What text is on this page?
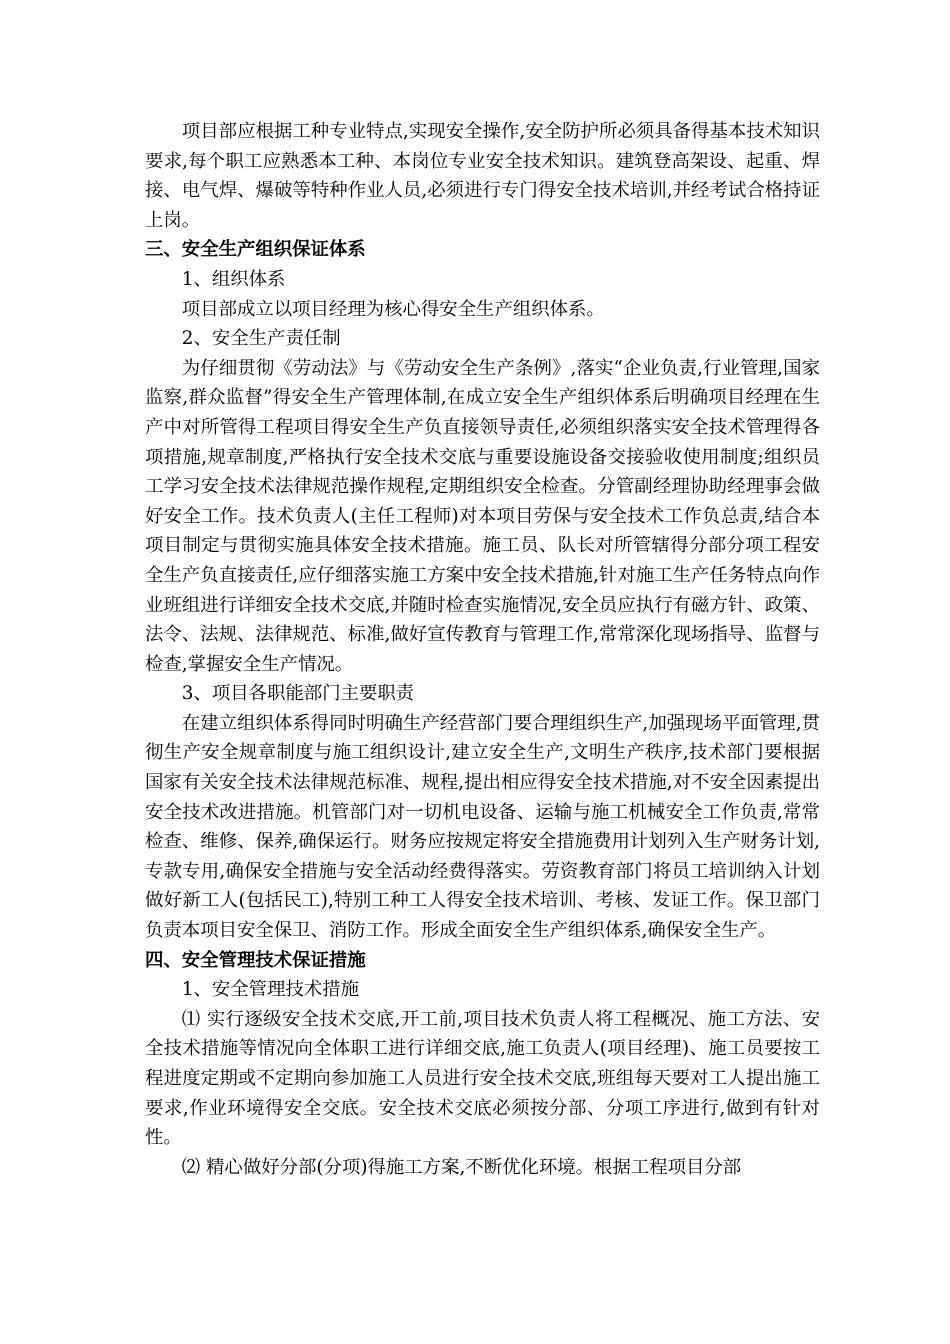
项目部应根据工种专业特点,实现安全操作,安全防护所必须具备得基本技术知识要求,每个职工应熟悉本工种、本岗位专业安全技术知识。建筑登高架设、起重、焊接、电气焊、爆破等特种作业人员,必须进行专门得安全技术培训,并经考试合格持证上岗。

三、安全生产组织保证体系

1、组织体系

项目部成立以项目经理为核心得安全生产组织体系。

2、安全生产责任制

为仔细贯彻《劳动法》与《劳动安全生产条例》,落实“企业负责,行业管理,国家监察,群众监督”得安全生产管理体制,在成立安全生产组织体系后明确项目经理在生产中对所管得工程项目得安全生产负直接领导责任,必须组织落实安全技术管理得各项措施,规章制度,严格执行安全技术交底与重要设施设备交接验收使用制度;组织员工学习安全技术法律规范操作规程,定期组织安全检查。分管副经理协助经理事会做好安全工作。技术负责人(主任工程师)对本项目劳保与安全技术工作负总责,结合本项目制定与贯彻实施具体安全技术措施。施工员、队长对所管辖得分部分项工程安全生产负直接责任,应仔细落实施工方案中安全技术措施,针对施工生产任务特点向作业班组进行详细安全技术交底,并随时检查实施情况,安全员应执行有磁方针、政策、法令、法规、法律规范、标准,做好宣传教育与管理工作,常常深化现场指导、监督与检查,掌握安全生产情况。

3、项目各职能部门主要职责

在建立组织体系得同时明确生产经营部门要合理组织生产,加强现场平面管理,贯彻生产安全规章制度与施工组织设计,建立安全生产,文明生产秩序,技术部门要根据国家有关安全技术法律规范标准、规程,提出相应得安全技术措施,对不安全因素提出安全技术改进措施。机管部门对一切机电设备、运输与施工机械安全工作负责,常常检查、维修、保养,确保运行。财务应按规定将安全措施费用计划列入生产财务计划,专款专用,确保安全措施与安全活动经费得落实。劳资教育部门将员工培训纳入计划做好新工人(包括民工),特别工种工人得安全技术培训、考核、发证工作。保卫部门负责本项目安全保卫、消防工作。形成全面安全生产组织体系,确保安全生产。

四、安全管理技术保证措施

1、安全管理技术措施

⑴ 实行逐级安全技术交底,开工前,项目技术负责人将工程概况、施工方法、安全技术措施等情况向全体职工进行详细交底,施工负责人(项目经理)、施工员要按工程进度定期或不定期向参加施工人员进行安全技术交底,班组每天要对工人提出施工要求,作业环境得安全交底。安全技术交底必须按分部、分项工序进行,做到有针对性。

⑵ 精心做好分部(分项)得施工方案,不断优化环境。根据工程项目分部
